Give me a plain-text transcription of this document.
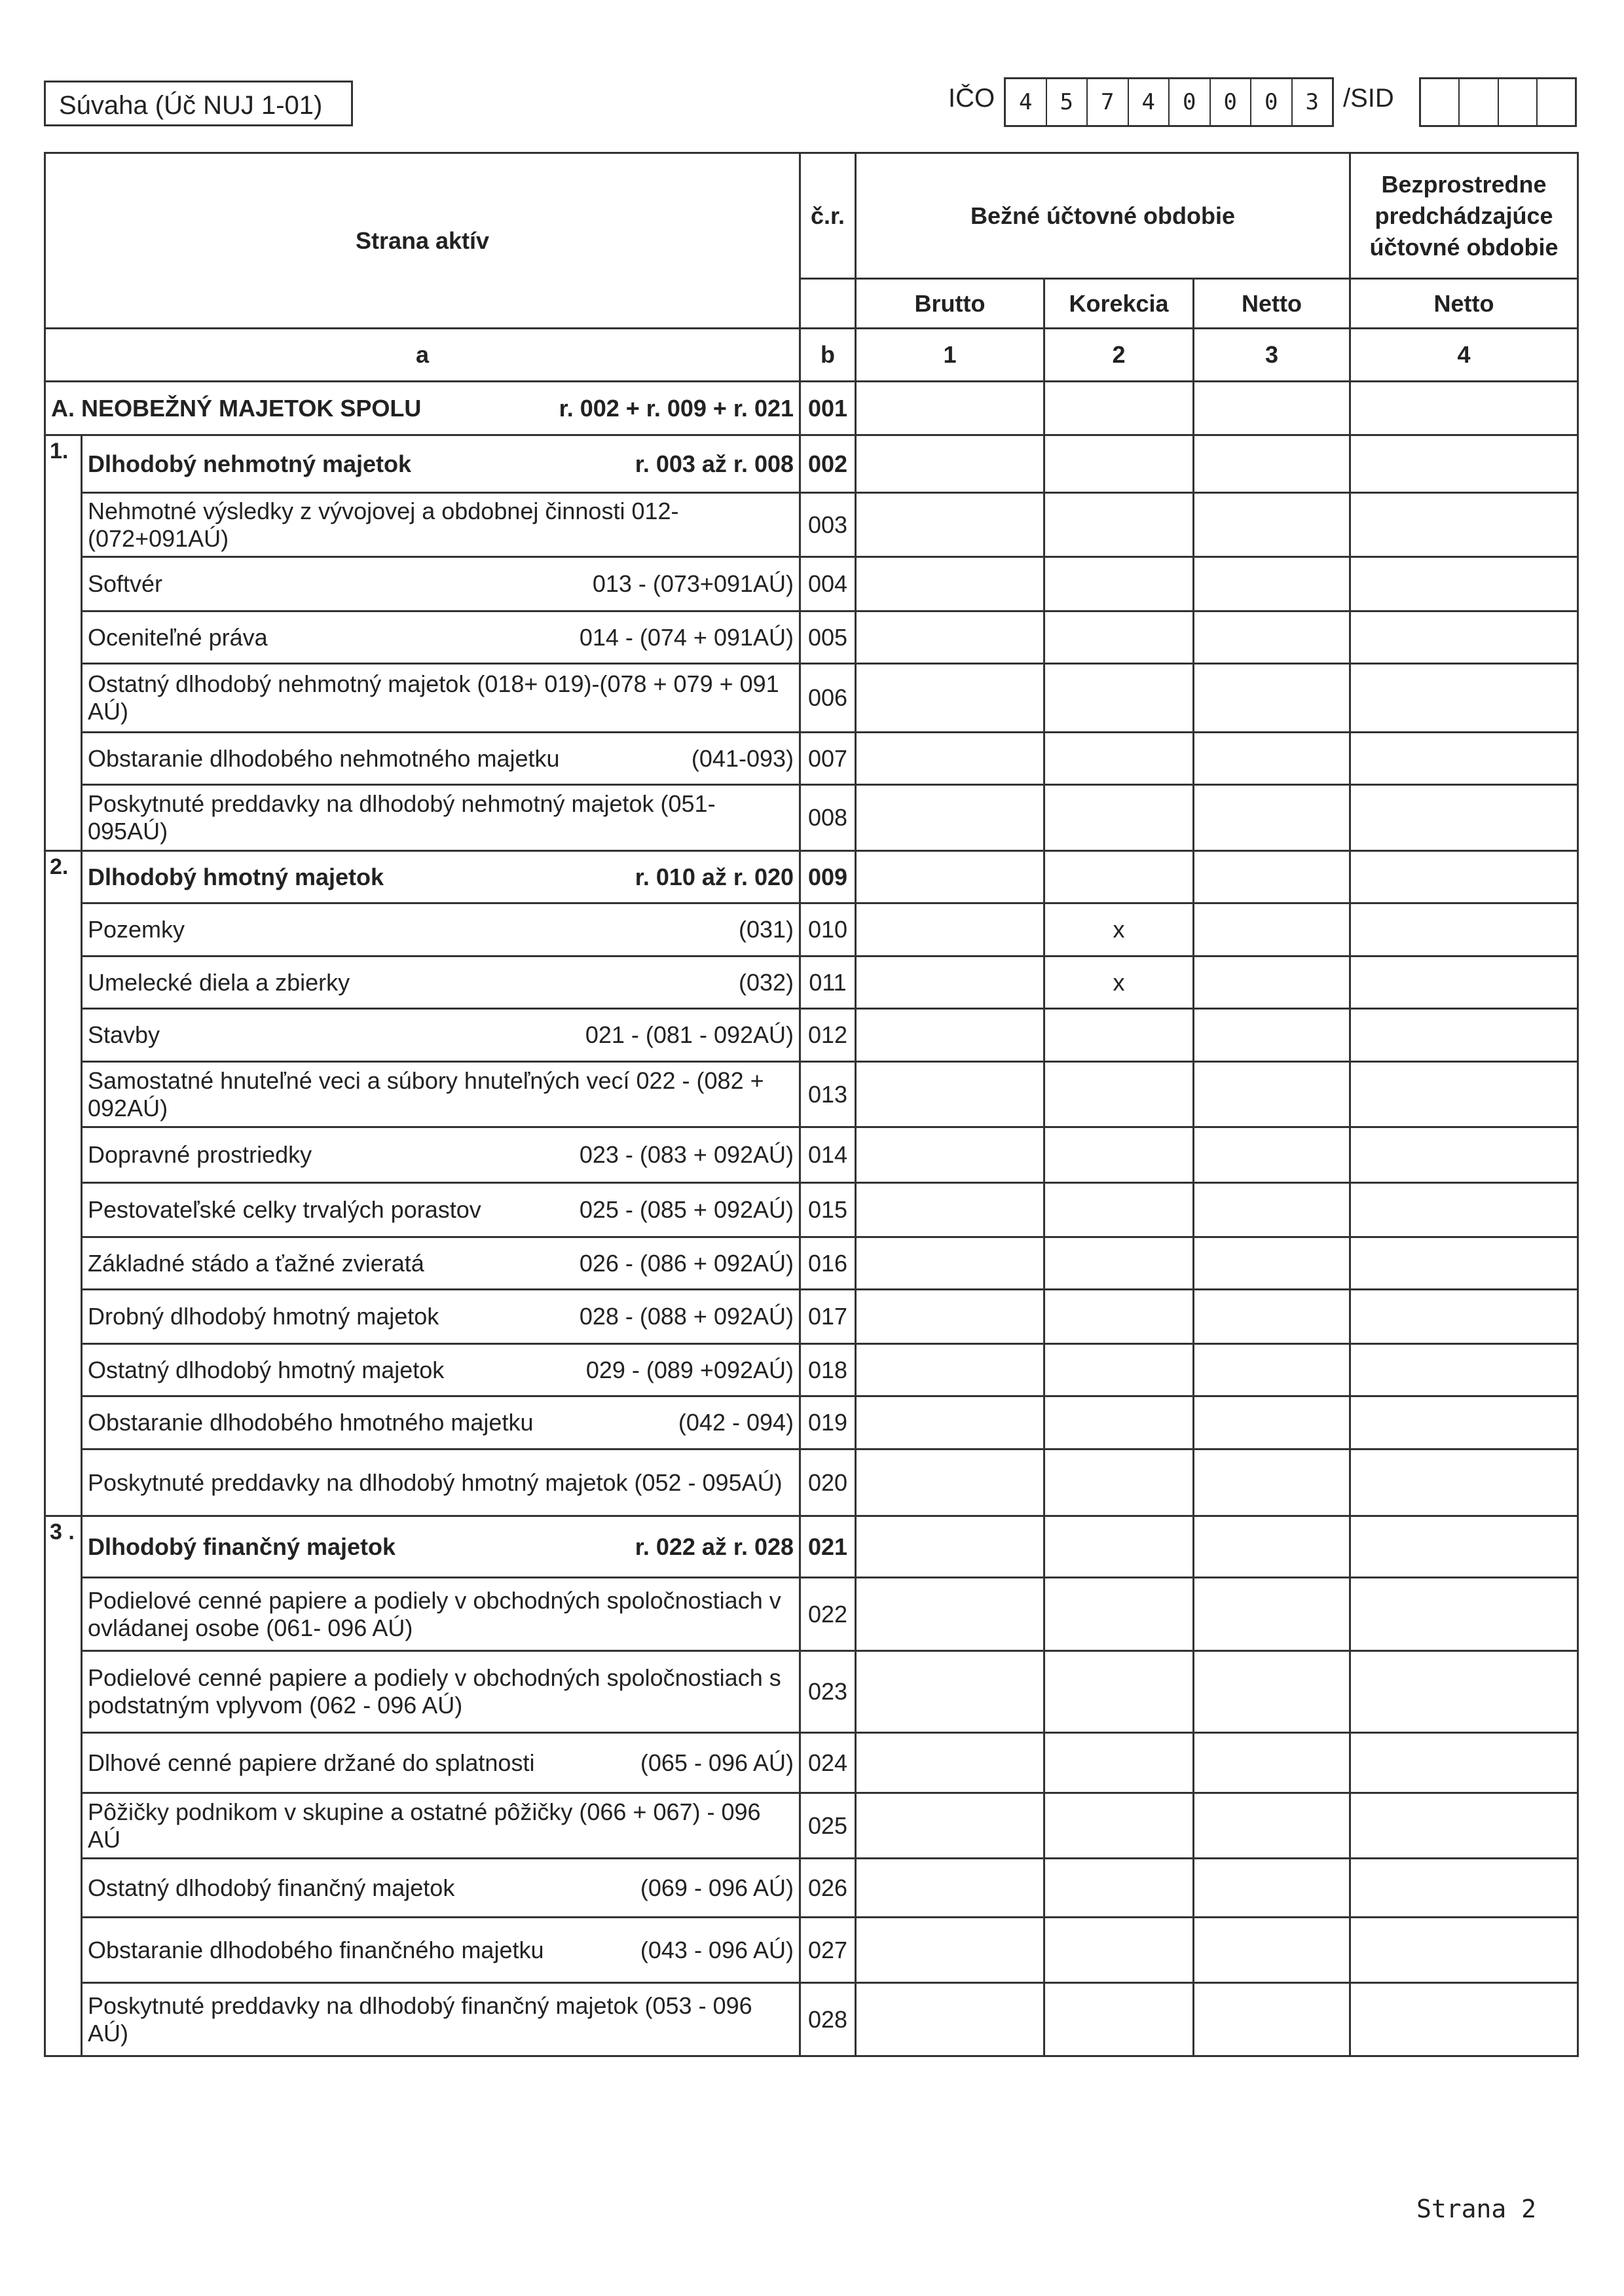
Súvaha (Úč NUJ 1-01)	IČO	4	5	7	4	0	0	0	3 /SID
Strana aktív		č.r.	Bežné účtovné obdobie			Bezprostredne predchádzajúce účtovné obdobie
			Brutto	Korekcia	Netto	Netto
a		b	1	2	3	4

A. NEOBEŽNÝ MAJETOK SPOLU r. 002 + r. 009 + r. 021		001				
1.	Dlhodobý nehmotný majetok r. 003 až r. 008	002				
	Nehmotné výsledky z vývojovej a obdobnej činnosti 012-(072+091AÚ)	003				

	Softvér 013 - (073+091AÚ)	004				

	Oceniteľné práva 014 - (074 + 091AÚ)	005				
	Ostatný dlhodobý nehmotný majetok (018+ 019)-(078 + 079 + 091 AÚ)	006				

	Obstaranie dlhodobého nehmotného majetku (041-093)	007				
	Poskytnuté preddavky na dlhodobý nehmotný majetok (051-095AÚ)	008				
2.	Dlhodobý hmotný majetok r. 010 až r. 020	009				

	Pozemky (031)	010		x		

	Umelecké diela a zbierky (032)	011		x		

	Stavby 021 - (081 - 092AÚ)	012				
	Samostatné hnuteľné veci a súbory hnuteľných vecí 022 - (082 + 092AÚ)	013				

	Dopravné prostriedky 023 - (083 + 092AÚ)	014				

	Pestovateľské celky trvalých porastov 025 - (085 + 092AÚ)	015				

	Základné stádo a ťažné zvieratá 026 - (086 + 092AÚ)	016				

	Drobný dlhodobý hmotný majetok 028 - (088 + 092AÚ)	017				

	Ostatný dlhodobý hmotný majetok 029 - (089 +092AÚ)	018				

	Obstaranie dlhodobého hmotného majetku (042 - 094)	019				
	Poskytnuté preddavky na dlhodobý hmotný majetok (052 - 095AÚ)	020				
3 .	Dlhodobý finančný majetok r. 022 až r. 028	021				
	Podielové cenné papiere a podiely v obchodných spoločnostiach v ovládanej osobe (061- 096 AÚ)	022				
	Podielové cenné papiere a podiely v obchodných spoločnostiach s podstatným vplyvom (062 - 096 AÚ)	023				

	Dlhové cenné papiere držané do splatnosti (065 - 096 AÚ)	024				
	Pôžičky podnikom v skupine a ostatné pôžičky (066 + 067) - 096 AÚ	025				

	Ostatný dlhodobý finančný majetok (069 - 096 AÚ)	026				

	Obstaranie dlhodobého finančného majetku (043 - 096 AÚ)	027				
	Poskytnuté preddavky na dlhodobý finančný majetok (053 - 096 AÚ)	028				
Strana 2
